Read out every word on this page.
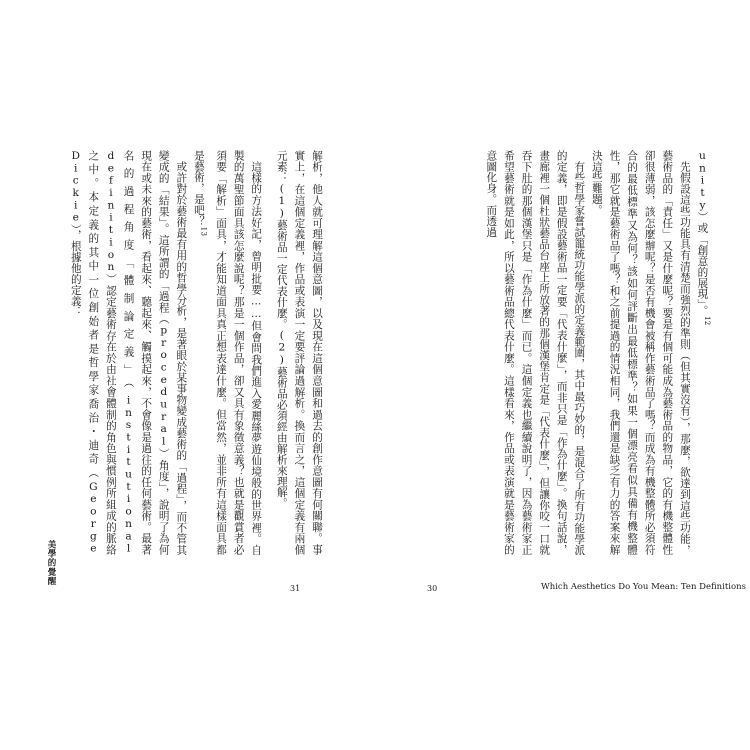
解析，他人就可理解這個意圖，以及現在這個意圖和過去的創作意圖有何關聯。事實上，在這個定義裡，作品或表演一定要評論過解析。換而言之，這個定義有兩個元素：(1)藝術品一定代表什麼。(2)藝術品必須經由解析來理解。

這樣的方法好記，曾明批要……但會問我們進入愛麗絲夢遊仙境般的世界裡。自製的萬聖節面具該怎麼說呢？那是一個作品，卻又具有象徵意義？也就是觀賞者必須要「解析」面具，才能知道面具真正想表達什麼。但當然，並非所有這樣面具都是藝術，是吧？$^{13}$

或許對於藝術最有用的哲學分析，是著眼於某事物變成藝術的「過程」，而不管其變成的「結果」。這所謂的「過程（procedural）角度」，說明了為何現在或未來的藝術，看起來、聽起來、觸摸起來，不會像是過往的任何藝術。最著名的過程角度「體制論定義」（institutional definition）認定藝術存在於由社會體制的角色與慣例所組成的脈絡之中。本定義的其中一位創始者是哲學家喬治・迪奇（George Dickie），根據他的定義：

美學的覺醒
31

unity）或「創意的展現」。$^{12}$

先假設這些功能具有清楚而強烈的準則（但其實沒有），那麼，欲達到這些功能，藝術品的「責任」又是什麼呢？要是有個可能成為藝術品的物品，它的有機整體性卻很薄弱，該怎麼辦呢？是否有機會被稱作藝術品了嗎？而成為有機整體所必須符合的最低標準又為何？該如何評斷出最低標準？如果一個漂亮看似具備有機整體性，那它就是藝術品了嗎？和之前提過的情況相同，我們還是缺乏有力的答案來解決這些難題。

有些哲學家嘗試籠統功能學派的定義範圍，其中最巧妙的，是混合了所有功能學派的定義，即是假設藝術品一定要「代表什麼」，而非只是「作為什麼」。換句話說，畫廊裡一個杜狀藝品台座上所放著的那個漢堡肯定是「代表什麼」，但讓你咬一口就吞下肚的那個漢堡只是「作為什麼」而已。這個定義也繼續說明了，因為藝術家正希望藝術就是如此，所以藝術品總代表什麼。這樣看來，作品或表演就是藝術家的意圖化身。而透過

30	Which Aesthetics Do You Mean: Ten Definitions
